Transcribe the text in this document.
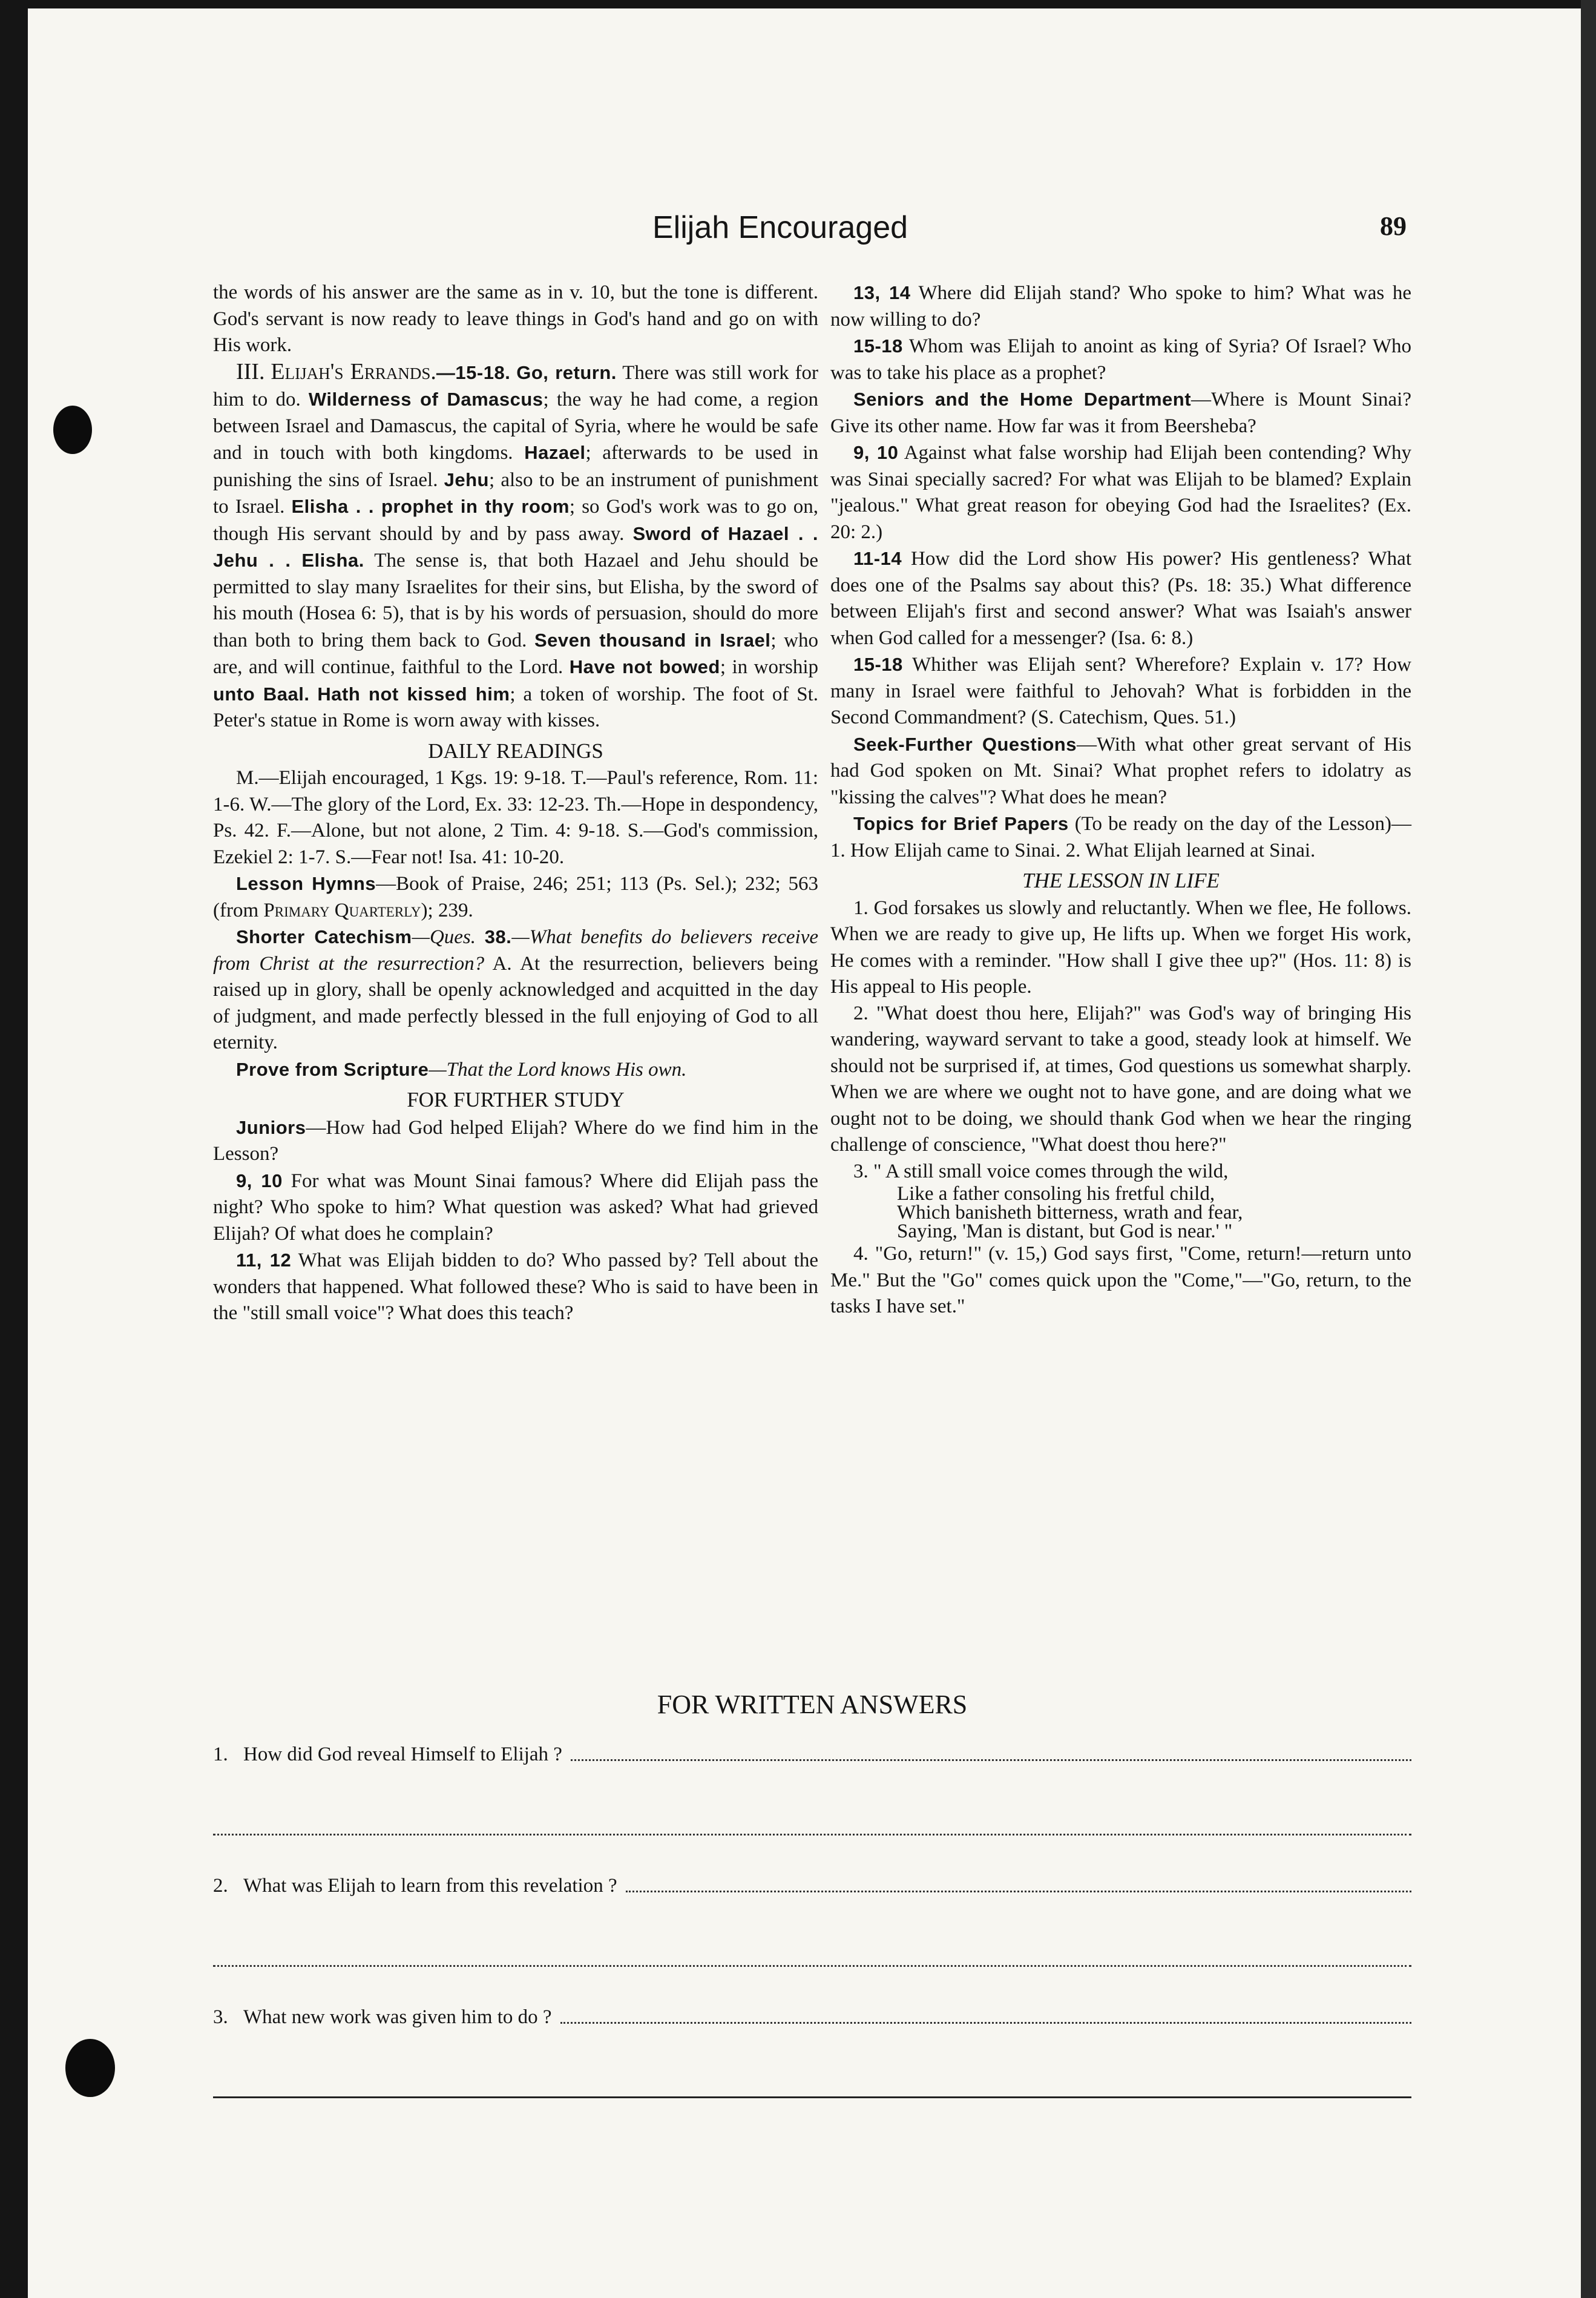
Elijah Encouraged	89

the words of his answer are the same as in v. 10, but the tone is different. God's servant is now ready to leave things in God's hand and go on with His work.

III. Elijah's Errands.—15-18. Go, return. There was still work for him to do. Wilderness of Damascus; the way he had come, a region between Israel and Damascus, the capital of Syria, where he would be safe and in touch with both kingdoms. Hazael; afterwards to be used in punishing the sins of Israel. Jehu; also to be an instrument of punishment to Israel. Elisha . . prophet in thy room; so God's work was to go on, though His servant should by and by pass away. Sword of Hazael . . Jehu . . Elisha. The sense is, that both Hazael and Jehu should be permitted to slay many Israelites for their sins, but Elisha, by the sword of his mouth (Hosea 6: 5), that is by his words of persuasion, should do more than both to bring them back to God. Seven thousand in Israel; who are, and will continue, faithful to the Lord. Have not bowed; in worship unto Baal. Hath not kissed him; a token of worship. The foot of St. Peter's statue in Rome is worn away with kisses.

DAILY READINGS

M.—Elijah encouraged, 1 Kgs. 19: 9-18. T.—Paul's reference, Rom. 11: 1-6. W.—The glory of the Lord, Ex. 33: 12-23. Th.—Hope in despondency, Ps. 42. F.—Alone, but not alone, 2 Tim. 4: 9-18. S.—God's commission, Ezekiel 2: 1-7. S.—Fear not! Isa. 41: 10-20.

Lesson Hymns—Book of Praise, 246; 251; 113 (Ps. Sel.); 232; 563 (from Primary Quarterly); 239.

Shorter Catechism—Ques. 38.—What benefits do believers receive from Christ at the resurrection? A. At the resurrection, believers being raised up in glory, shall be openly acknowledged and acquitted in the day of judgment, and made perfectly blessed in the full enjoying of God to all eternity.

Prove from Scripture—That the Lord knows His own.

FOR FURTHER STUDY

Juniors—How had God helped Elijah? Where do we find him in the Lesson?

9, 10 For what was Mount Sinai famous? Where did Elijah pass the night? Who spoke to him? What question was asked? What had grieved Elijah? Of what does he complain?

11, 12 What was Elijah bidden to do? Who passed by? Tell about the wonders that happened. What followed these? Who is said to have been in the "still small voice"? What does this teach?

13, 14 Where did Elijah stand? Who spoke to him? What was he now willing to do?

15-18 Whom was Elijah to anoint as king of Syria? Of Israel? Who was to take his place as a prophet?

Seniors and the Home Department—Where is Mount Sinai? Give its other name. How far was it from Beersheba?

9, 10 Against what false worship had Elijah been contending? Why was Sinai specially sacred? For what was Elijah to be blamed? Explain "jealous." What great reason for obeying God had the Israelites? (Ex. 20: 2.)

11-14 How did the Lord show His power? His gentleness? What does one of the Psalms say about this? (Ps. 18: 35.) What difference between Elijah's first and second answer? What was Isaiah's answer when God called for a messenger? (Isa. 6: 8.)

15-18 Whither was Elijah sent? Wherefore? Explain v. 17? How many in Israel were faithful to Jehovah? What is forbidden in the Second Commandment? (S. Catechism, Ques. 51.)

Seek-Further Questions—With what other great servant of His had God spoken on Mt. Sinai? What prophet refers to idolatry as "kissing the calves"? What does he mean?

Topics for Brief Papers (To be ready on the day of the Lesson)—1. How Elijah came to Sinai. 2. What Elijah learned at Sinai.

THE LESSON IN LIFE

1. God forsakes us slowly and reluctantly. When we flee, He follows. When we are ready to give up, He lifts up. When we forget His work, He comes with a reminder. "How shall I give thee up?" (Hos. 11: 8) is His appeal to His people.

2. "What doest thou here, Elijah?" was God's way of bringing His wandering, wayward servant to take a good, steady look at himself. We should not be surprised if, at times, God questions us somewhat sharply. When we are where we ought not to have gone, and are doing what we ought not to be doing, we should thank God when we hear the ringing challenge of conscience, "What doest thou here?"

3. " A still small voice comes through the wild,
Like a father consoling his fretful child,
Which banisheth bitterness, wrath and fear,
Saying, 'Man is distant, but God is near.' "

4. "Go, return!" (v. 15,) God says first, "Come, return!—return unto Me." But the "Go" comes quick upon the "Come,"—"Go, return, to the tasks I have set."

FOR WRITTEN ANSWERS
1. How did God reveal Himself to Elijah ?
2. What was Elijah to learn from this revelation ?
3. What new work was given him to do ?
